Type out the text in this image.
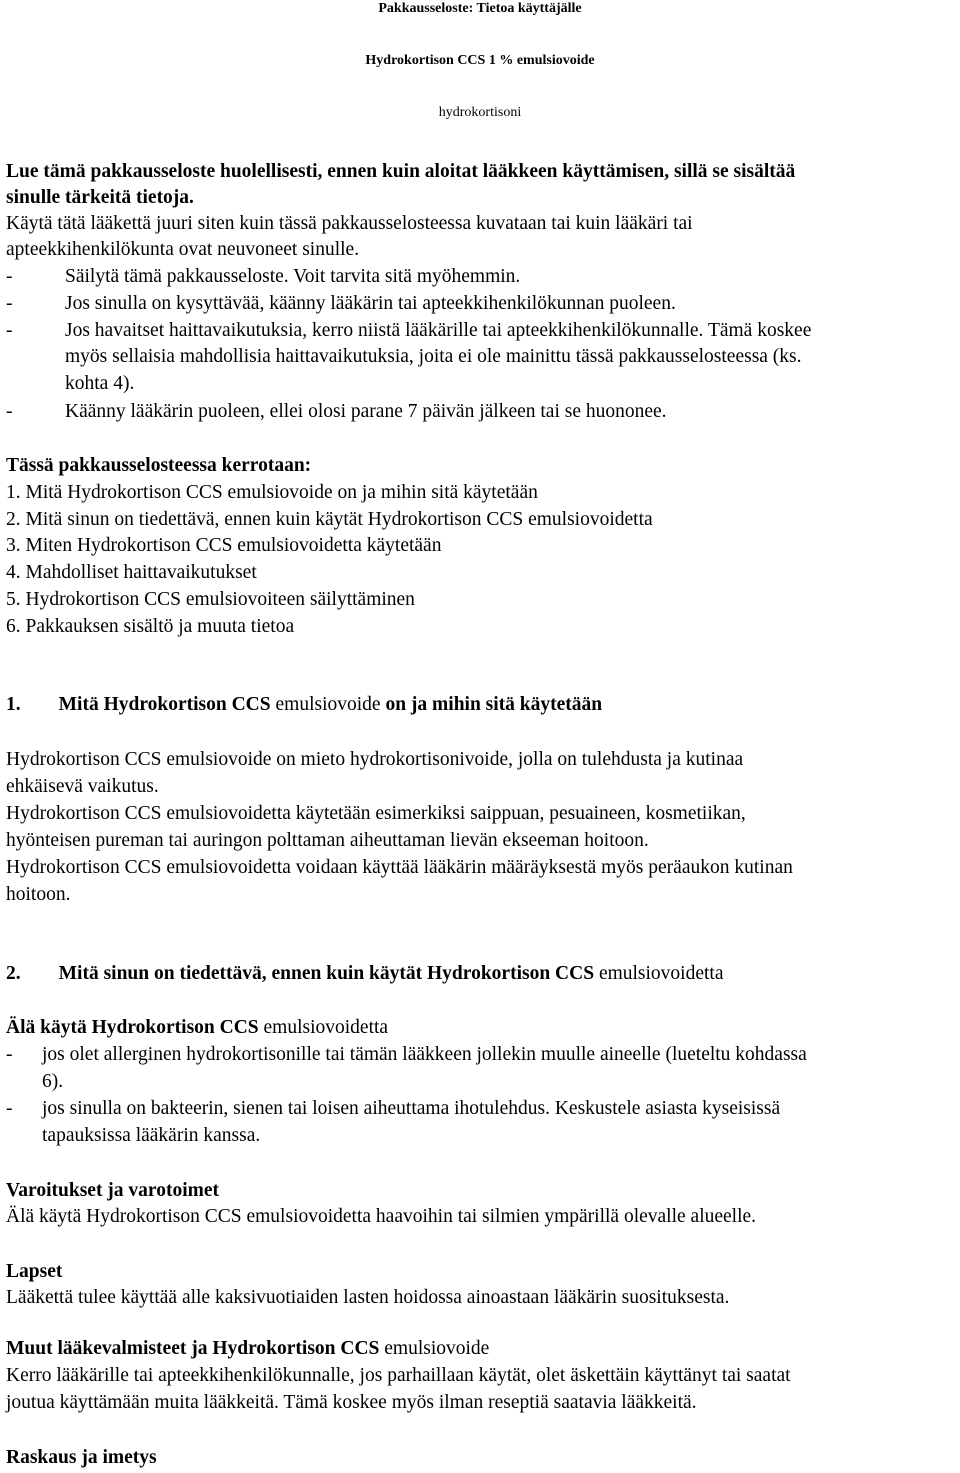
Pakkausseloste: Tietoa käyttäjälle
Hydrokortison CCS 1 % emulsiovoide
hydrokortisoni
Lue tämä pakkausseloste huolellisesti, ennen kuin aloitat lääkkeen käyttämisen, sillä se sisältää
sinulle tärkeitä tietoja.
Käytä tätä lääkettä juuri siten kuin tässä pakkausselosteessa kuvataan tai kuin lääkäri tai
apteekkihenkilökunta ovat neuvoneet sinulle.
-	Säilytä tämä pakkausseloste. Voit tarvita sitä myöhemmin.
-	Jos sinulla on kysyttävää, käänny lääkärin tai apteekkihenkilökunnan puoleen.
-	Jos havaitset haittavaikutuksia, kerro niistä lääkärille tai apteekkihenkilökunnalle. Tämä koskee
myös sellaisia mahdollisia haittavaikutuksia, joita ei ole mainittu tässä pakkausselosteessa (ks.
kohta 4).
-	Käänny lääkärin puoleen, ellei olosi parane 7 päivän jälkeen tai se huononee.
Tässä pakkausselosteessa kerrotaan:
1. Mitä Hydrokortison CCS emulsiovoide on ja mihin sitä käytetään
2. Mitä sinun on tiedettävä, ennen kuin käytät Hydrokortison CCS emulsiovoidetta
3. Miten Hydrokortison CCS emulsiovoidetta käytetään
4. Mahdolliset haittavaikutukset
5. Hydrokortison CCS emulsiovoiteen säilyttäminen
6. Pakkauksen sisältö ja muuta tietoa
1. Mitä Hydrokortison CCS emulsiovoide on ja mihin sitä käytetään
Hydrokortison CCS emulsiovoide on mieto hydrokortisonivoide, jolla on tulehdusta ja kutinaa
ehkäisevä vaikutus.
Hydrokortison CCS emulsiovoidetta käytetään esimerkiksi saippuan, pesuaineen, kosmetiikan,
hyönteisen pureman tai auringon polttaman aiheuttaman lievän ekseeman hoitoon.
Hydrokortison CCS emulsiovoidetta voidaan käyttää lääkärin määräyksestä myös peräaukon kutinan
hoitoon.
2. Mitä sinun on tiedettävä, ennen kuin käytät Hydrokortison CCS emulsiovoidetta
Älä käytä Hydrokortison CCS emulsiovoidetta
- jos olet allerginen hydrokortisonille tai tämän lääkkeen jollekin muulle aineelle (lueteltu kohdassa
6).
- jos sinulla on bakteerin, sienen tai loisen aiheuttama ihotulehdus. Keskustele asiasta kyseisissä
tapauksissa lääkärin kanssa.
Varoitukset ja varotoimet
Älä käytä Hydrokortison CCS emulsiovoidetta haavoihin tai silmien ympärillä olevalle alueelle.
Lapset
Lääkettä tulee käyttää alle kaksivuotiaiden lasten hoidossa ainoastaan lääkärin suosituksesta.
Muut lääkevalmisteet ja Hydrokortison CCS emulsiovoide
Kerro lääkärille tai apteekkihenkilökunnalle, jos parhaillaan käytät, olet äskettäin käyttänyt tai saatat
joutua käyttämään muita lääkkeitä. Tämä koskee myös ilman reseptiä saatavia lääkkeitä.
Raskaus ja imetys
